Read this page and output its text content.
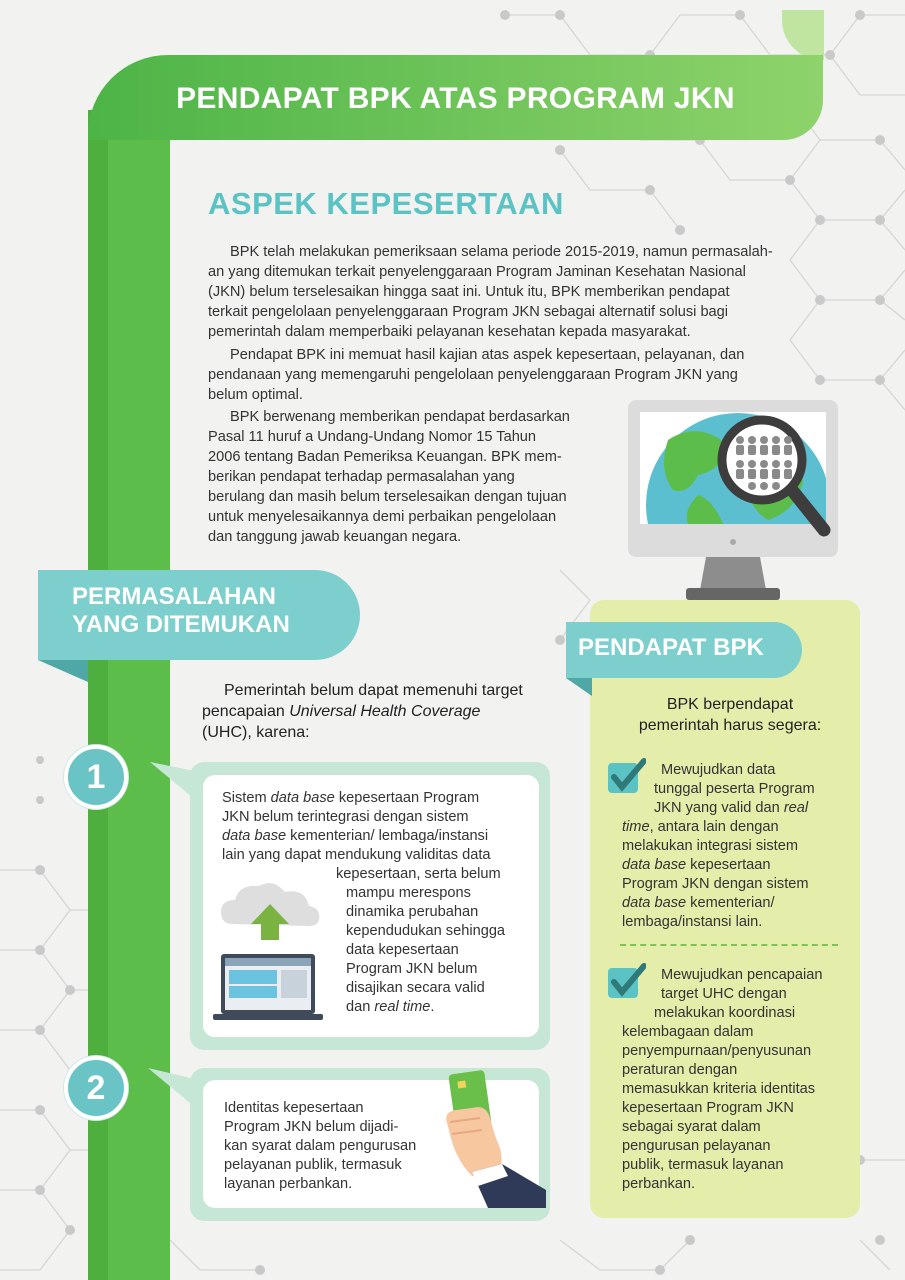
PENDAPAT BPK ATAS PROGRAM JKN
ASPEK KEPESERTAAN
BPK telah melakukan pemeriksaan selama periode 2015-2019, namun permasalah-
an yang ditemukan terkait penyelenggaraan Program Jaminan Kesehatan Nasional
(JKN) belum terselesaikan hingga saat ini. Untuk itu, BPK memberikan pendapat
terkait pengelolaan penyelenggaraan Program JKN sebagai alternatif solusi bagi
pemerintah dalam memperbaiki pelayanan kesehatan kepada masyarakat.
Pendapat BPK ini memuat hasil kajian atas aspek kepesertaan, pelayanan, dan
pendanaan yang memengaruhi pengelolaan penyelenggaraan Program JKN yang
belum optimal.
BPK berwenang memberikan pendapat berdasarkan
Pasal 11 huruf a Undang-Undang Nomor 15 Tahun
2006 tentang Badan Pemeriksa Keuangan. BPK mem-
berikan pendapat terhadap permasalahan yang
berulang dan masih belum terselesaikan dengan tujuan
untuk menyelesaikannya demi perbaikan pengelolaan
dan tanggung jawab keuangan negara.
PERMASALAHAN
YANG DITEMUKAN

Pemerintah belum dapat memenuhi target pencapaian Universal Health Coverage (UHC), karena:

1

Sistem data base kepesertaan Program

JKN belum terintegrasi dengan sistem

data base kementerian/ lembaga/instansi

lain yang dapat mendukung validitas data

kepesertaan, serta belum

mampu merespons

dinamika perubahan

kependudukan sehingga

data kepesertaan

Program JKN belum

disajikan secara valid

dan real time.

2

Identitas kepesertaan

Program JKN belum dijadi-

kan syarat dalam pengurusan

pelayanan publik, termasuk

layanan perbankan.

PENDAPAT BPK
BPK berpendapat
pemerintah harus segera:

Mewujudkan data

tunggal peserta Program

JKN yang valid dan real

time, antara lain dengan

melakukan integrasi sistem

data base kepesertaan

Program JKN dengan sistem

data base kementerian/

lembaga/instansi lain.

Mewujudkan pencapaian

target UHC dengan

melakukan koordinasi

kelembagaan dalam

penyempurnaan/penyusunan

peraturan dengan

memasukkan kriteria identitas

kepesertaan Program JKN

sebagai syarat dalam

pengurusan pelayanan

publik, termasuk layanan

perbankan.
